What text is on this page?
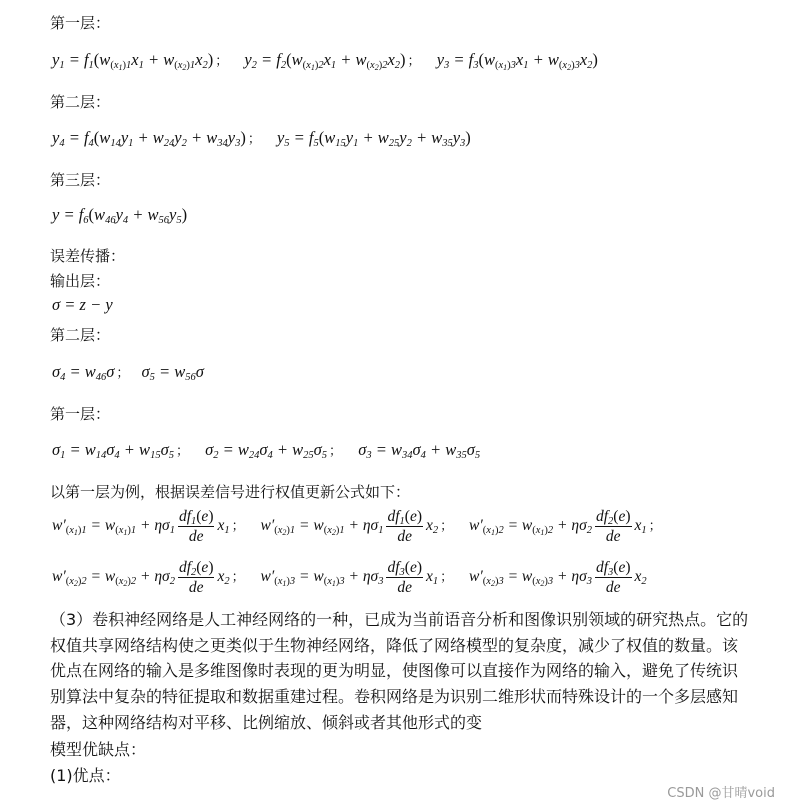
第一层：
$y_1 = f_1(w_{(x_1)1}x_1 + w_{(x_2)1}x_2)$ ； $y_2 = f_2(w_{(x_1)2}x_1 + w_{(x_2)2}x_2)$ ； $y_3 = f_3(w_{(x_1)3}x_1 + w_{(x_2)3}x_2)$
第二层：
$y_4 = f_4(w_{14}y_1 + w_{24}y_2 + w_{34}y_3)$ ； $y_5 = f_5(w_{15}y_1 + w_{25}y_2 + w_{35}y_3)$
第三层：
$y = f_6(w_{46}y_4 + w_{56}y_5)$
误差传播：
输出层：
σ = z − y
第二层：
$\sigma_4 = w_{46}\sigma$ ； $\sigma_5 = w_{56}\sigma$
第一层：
$\sigma_1 = w_{14}\sigma_4 + w_{15}\sigma_5$ ； $\sigma_2 = w_{24}\sigma_4 + w_{25}\sigma_5$ ； $\sigma_3 = w_{34}\sigma_4 + w_{35}\sigma_5$
以第一层为例，根据误差信号进行权值更新公式如下：
$w'_{(x_1)1} = w_{(x_1)1} + \eta\sigma_1 \frac{df_1(e)}{de} x_1$ ； $w'_{(x_2)1} = w_{(x_2)1} + \eta\sigma_1 \frac{df_1(e)}{de} x_2$ ； $w'_{(x_1)2} = w_{(x_1)2} + \eta\sigma_2 \frac{df_2(e)}{de} x_1$ ；
$w'_{(x_2)2} = w_{(x_2)2} + \eta\sigma_2 \frac{df_2(e)}{de} x_2$ ； $w'_{(x_1)3} = w_{(x_1)3} + \eta\sigma_3 \frac{df_3(e)}{de} x_1$ ； $w'_{(x_2)3} = w_{(x_2)3} + \eta\sigma_3 \frac{df_3(e)}{de} x_2$
（3）卷积神经网络是人工神经网络的一种，已成为当前语音分析和图像识别领域的研究热点。它的权值共享网络结构使之更类似于生物神经网络，降低了网络模型的复杂度，减少了权值的数量。该优点在网络的输入是多维图像时表现的更为明显，使图像可以直接作为网络的输入，避免了传统识别算法中复杂的特征提取和数据重建过程。卷积网络是为识别二维形状而特殊设计的一个多层感知器，这种网络结构对平移、比例缩放、倾斜或者其他形式的变
模型优缺点：
(1)优点：
CSDN @甘晴void
